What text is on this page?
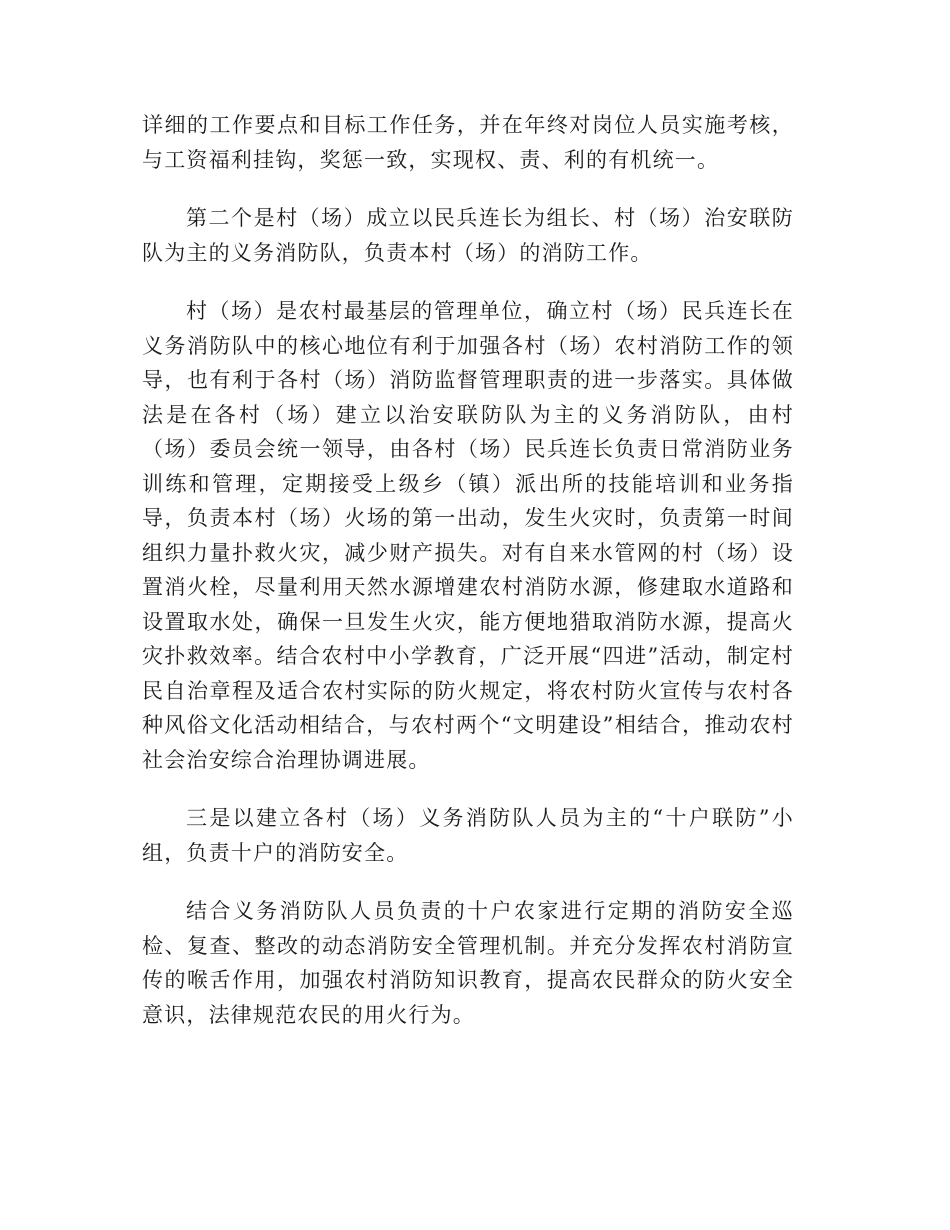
详细的工作要点和目标工作任务，并在年终对岗位人员实施考核，与工资福利挂钩，奖惩一致，实现权、责、利的有机统一。

第二个是村（场）成立以民兵连长为组长、村（场）治安联防队为主的义务消防队，负责本村（场）的消防工作。

村（场）是农村最基层的管理单位，确立村（场）民兵连长在义务消防队中的核心地位有利于加强各村（场）农村消防工作的领导，也有利于各村（场）消防监督管理职责的进一步落实。具体做法是在各村（场）建立以治安联防队为主的义务消防队，由村（场）委员会统一领导，由各村（场）民兵连长负责日常消防业务训练和管理，定期接受上级乡（镇）派出所的技能培训和业务指导，负责本村（场）火场的第一出动，发生火灾时，负责第一时间组织力量扑救火灾，减少财产损失。对有自来水管网的村（场）设置消火栓，尽量利用天然水源增建农村消防水源，修建取水道路和设置取水处，确保一旦发生火灾，能方便地猎取消防水源，提高火灾扑救效率。结合农村中小学教育，广泛开展“四进”活动，制定村民自治章程及适合农村实际的防火规定，将农村防火宣传与农村各种风俗文化活动相结合，与农村两个“文明建设”相结合，推动农村社会治安综合治理协调进展。

三是以建立各村（场）义务消防队人员为主的“十户联防”小组，负责十户的消防安全。

结合义务消防队人员负责的十户农家进行定期的消防安全巡检、复查、整改的动态消防安全管理机制。并充分发挥农村消防宣传的喉舌作用，加强农村消防知识教育，提高农民群众的防火安全意识，法律规范农民的用火行为。
